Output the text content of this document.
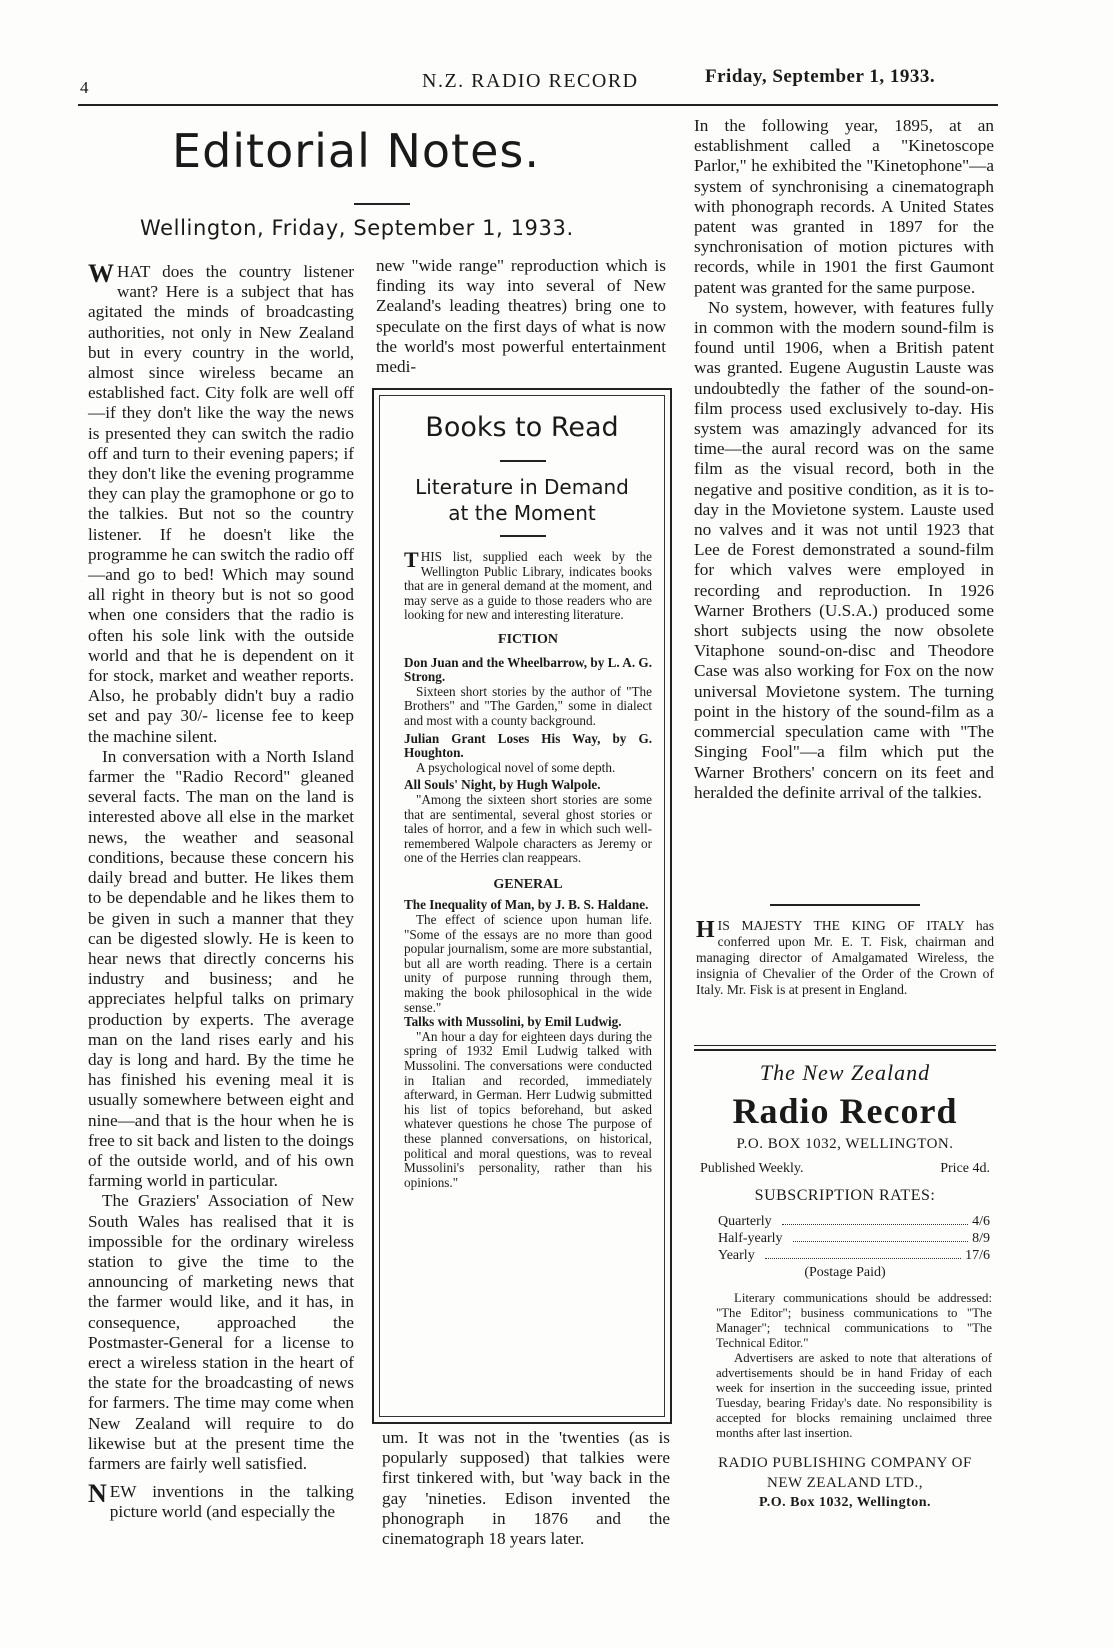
4	N.Z. RADIO RECORD	Friday, September 1, 1933.
Editorial Notes.
Wellington, Friday, September 1, 1933.

WHAT does the country listener want? Here is a subject that has agitated the minds of broadcasting authorities, not only in New Zealand but in every country in the world, almost since wireless became an established fact. City folk are well off—if they don't like the way the news is presented they can switch the radio off and turn to their evening papers; if they don't like the evening programme they can play the gramophone or go to the talkies. But not so the country listener. If he doesn't like the programme he can switch the radio off—and go to bed! Which may sound all right in theory but is not so good when one considers that the radio is often his sole link with the outside world and that he is dependent on it for stock, market and weather reports. Also, he probably didn't buy a radio set and pay 30/- license fee to keep the machine silent.

In conversation with a North Island farmer the "Radio Record" gleaned several facts. The man on the land is interested above all else in the market news, the weather and seasonal conditions, because these concern his daily bread and butter. He likes them to be dependable and he likes them to be given in such a manner that they can be digested slowly. He is keen to hear news that directly concerns his industry and business; and he appreciates helpful talks on primary production by experts. The average man on the land rises early and his day is long and hard. By the time he has finished his evening meal it is usually somewhere between eight and nine—and that is the hour when he is free to sit back and listen to the doings of the outside world, and of his own farming world in particular.

The Graziers' Association of New South Wales has realised that it is impossible for the ordinary wireless station to give the time to the announcing of marketing news that the farmer would like, and it has, in consequence, approached the Postmaster-General for a license to erect a wireless station in the heart of the state for the broadcasting of news for farmers. The time may come when New Zealand will require to do likewise but at the present time the farmers are fairly well satisfied.

NEW inventions in the talking picture world (and especially the

new "wide range" reproduction which is finding its way into several of New Zealand's leading theatres) bring one to speculate on the first days of what is now the world's most powerful entertainment medi-
Books to Read
Literature in Demand
at the Moment

THIS list, supplied each week by the Wellington Public Library, indicates books that are in general demand at the moment, and may serve as a guide to those readers who are looking for new and interesting literature.

FICTION
Don Juan and the Wheelbarrow, by L. A. G. Strong.

Sixteen short stories by the author of "The Brothers" and "The Garden," some in dialect and most with a county background.

Julian Grant Loses His Way, by G. Houghton.

A psychological novel of some depth.

All Souls' Night, by Hugh Walpole.

"Among the sixteen short stories are some that are sentimental, several ghost stories or tales of horror, and a few in which such well-remembered Walpole characters as Jeremy or one of the Herries clan reappears.

GENERAL
The Inequality of Man, by J. B. S. Haldane.

The effect of science upon human life. "Some of the essays are no more than good popular journalism, some are more substantial, but all are worth reading. There is a certain unity of purpose running through them, making the book philosophical in the wide sense."

Talks with Mussolini, by Emil Ludwig.

"An hour a day for eighteen days during the spring of 1932 Emil Ludwig talked with Mussolini. The conversations were conducted in Italian and recorded, immediately afterward, in German. Herr Ludwig submitted his list of topics beforehand, but asked whatever questions he chose The purpose of these planned conversations, on historical, political and moral questions, was to reveal Mussolini's personality, rather than his opinions."

um. It was not in the 'twenties (as is popularly supposed) that talkies were first tinkered with, but 'way back in the gay 'nineties. Edison invented the phonograph in 1876 and the cinematograph 18 years later.

In the following year, 1895, at an establishment called a "Kinetoscope Parlor," he exhibited the "Kinetophone"—a system of synchronising a cinematograph with phonograph records. A United States patent was granted in 1897 for the synchronisation of motion pictures with records, while in 1901 the first Gaumont patent was granted for the same purpose.

No system, however, with features fully in common with the modern sound-film is found until 1906, when a British patent was granted. Eugene Augustin Lauste was undoubtedly the father of the sound-on-film process used exclusively to-day. His system was amazingly advanced for its time—the aural record was on the same film as the visual record, both in the negative and positive condition, as it is to-day in the Movietone system. Lauste used no valves and it was not until 1923 that Lee de Forest demonstrated a sound-film for which valves were employed in recording and reproduction. In 1926 Warner Brothers (U.S.A.) produced some short subjects using the now obsolete Vitaphone sound-on-disc and Theodore Case was also working for Fox on the now universal Movietone system. The turning point in the history of the sound-film as a commercial speculation came with "The Singing Fool"—a film which put the Warner Brothers' concern on its feet and heralded the definite arrival of the talkies.

HIS MAJESTY THE KING OF ITALY has conferred upon Mr. E. T. Fisk, chairman and managing director of Amalgamated Wireless, the insignia of Chevalier of the Order of the Crown of Italy. Mr. Fisk is at present in England.

The New Zealand
Radio Record
P.O. BOX 1032, WELLINGTON.
Published Weekly.	Price 4d.
SUBSCRIPTION RATES:
Quarterly	4/6
Half-yearly	8/9
Yearly	17/6
(Postage Paid)

Literary communications should be addressed: "The Editor"; business communications to "The Manager"; technical communications to "The Technical Editor."

Advertisers are asked to note that alterations of advertisements should be in hand Friday of each week for insertion in the succeeding issue, printed Tuesday, bearing Friday's date. No responsibility is accepted for blocks remaining unclaimed three months after last insertion.

RADIO PUBLISHING COMPANY OF
NEW ZEALAND LTD.,
P.O. Box 1032, Wellington.
